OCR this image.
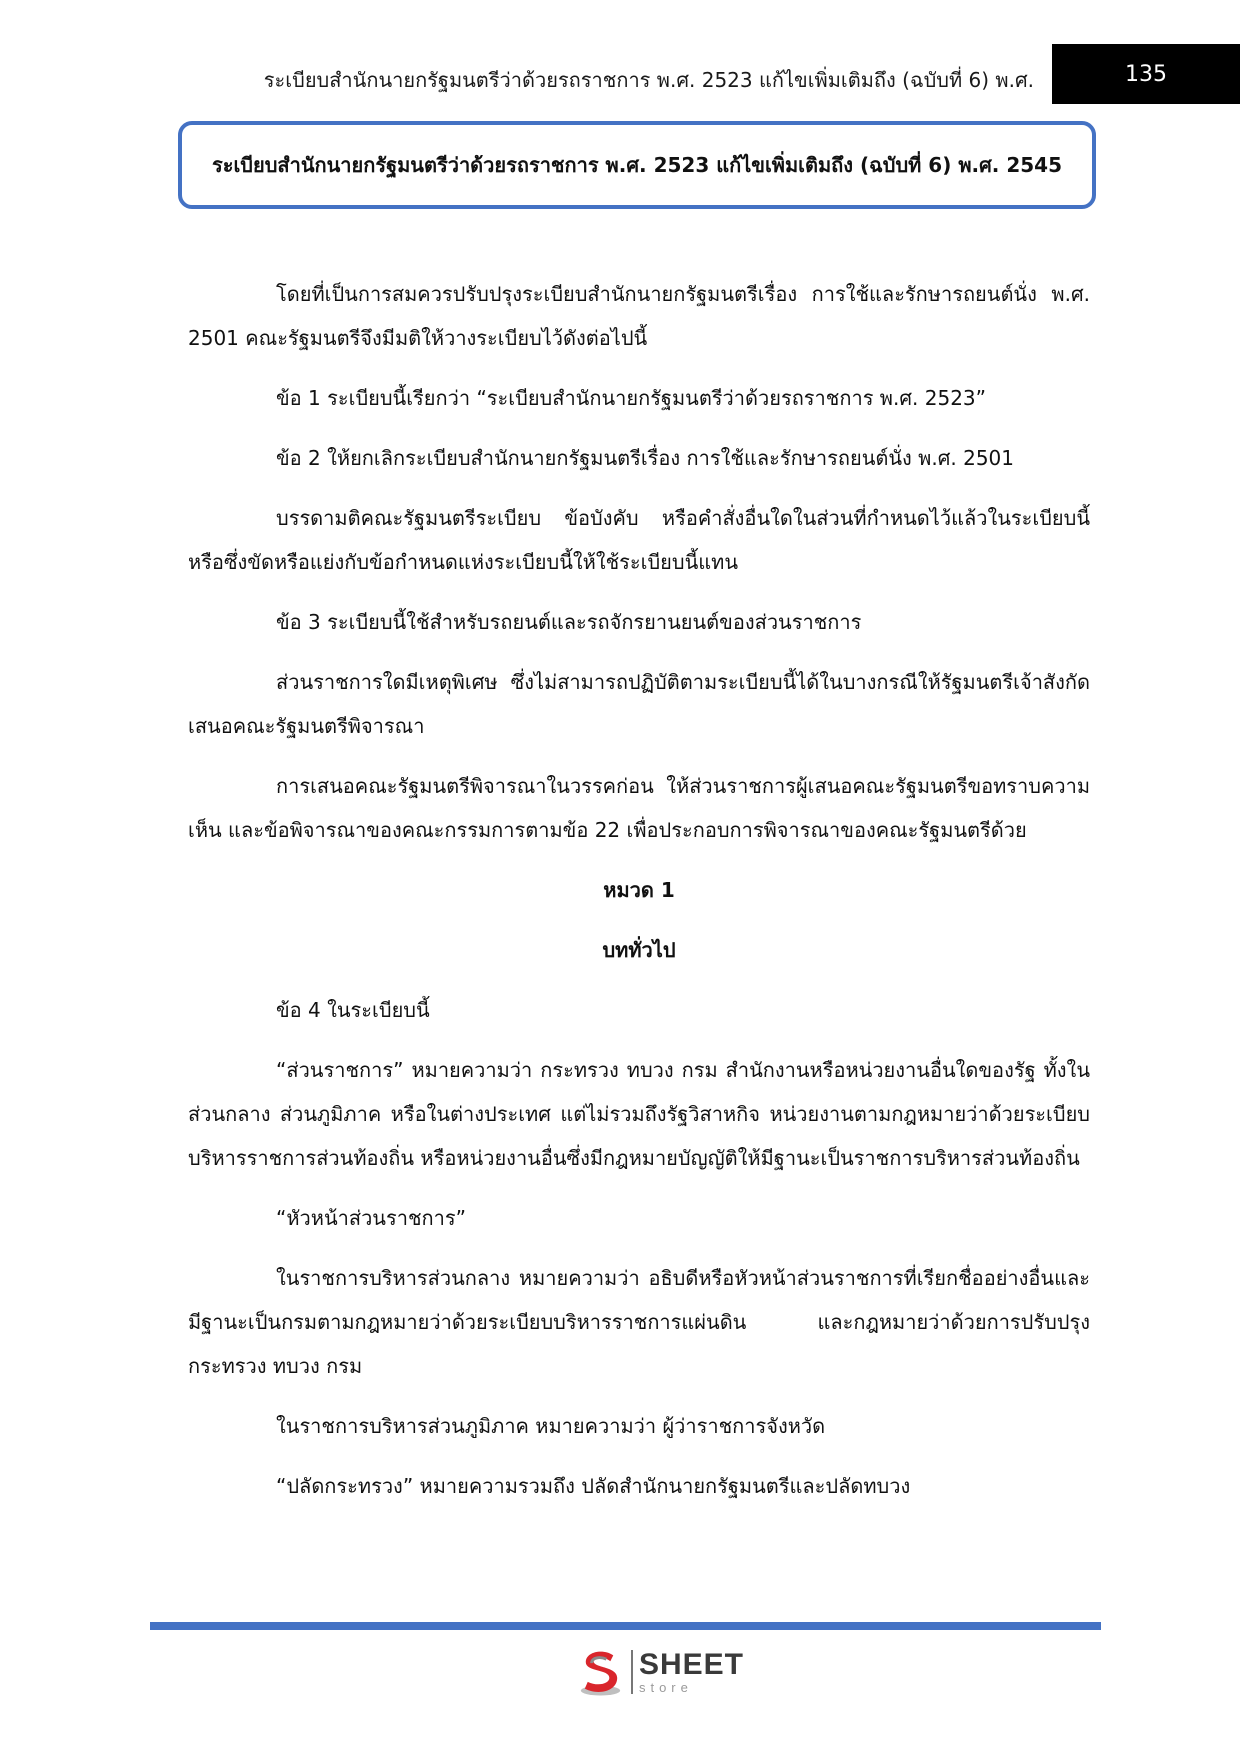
ระเบียบสำนักนายกรัฐมนตรีว่าด้วยรถราชการ พ.ศ. 2523 แก้ไขเพิ่มเติมถึง (ฉบับที่ 6) พ.ศ.	135
ระเบียบสำนักนายกรัฐมนตรีว่าด้วยรถราชการ พ.ศ. 2523 แก้ไขเพิ่มเติมถึง (ฉบับที่ 6) พ.ศ. 2545

โดยที่เป็นการสมควรปรับปรุงระเบียบสำนักนายกรัฐมนตรีเรื่อง การใช้และรักษารถยนต์นั่ง พ.ศ. 2501 คณะรัฐมนตรีจึงมีมติให้วางระเบียบไว้ดังต่อไปนี้

ข้อ 1 ระเบียบนี้เรียกว่า “ระเบียบสำนักนายกรัฐมนตรีว่าด้วยรถราชการ พ.ศ. 2523”

ข้อ 2 ให้ยกเลิกระเบียบสำนักนายกรัฐมนตรีเรื่อง การใช้และรักษารถยนต์นั่ง พ.ศ. 2501

บรรดามติคณะรัฐมนตรีระเบียบ ข้อบังคับ หรือคำสั่งอื่นใดในส่วนที่กำหนดไว้แล้วในระเบียบนี้ หรือซึ่งขัดหรือแย่งกับข้อกำหนดแห่งระเบียบนี้ให้ใช้ระเบียบนี้แทน

ข้อ 3 ระเบียบนี้ใช้สำหรับรถยนต์และรถจักรยานยนต์ของส่วนราชการ

ส่วนราชการใดมีเหตุพิเศษ ซึ่งไม่สามารถปฏิบัติตามระเบียบนี้ได้ในบางกรณีให้รัฐมนตรีเจ้าสังกัดเสนอคณะรัฐมนตรีพิจารณา

การเสนอคณะรัฐมนตรีพิจารณาในวรรคก่อน ให้ส่วนราชการผู้เสนอคณะรัฐมนตรีขอทราบความเห็น และข้อพิจารณาของคณะกรรมการตามข้อ 22 เพื่อประกอบการพิจารณาของคณะรัฐมนตรีด้วย

หมวด 1

บททั่วไป

ข้อ 4 ในระเบียบนี้

“ส่วนราชการ” หมายความว่า กระทรวง ทบวง กรม สำนักงานหรือหน่วยงานอื่นใดของรัฐ ทั้งในส่วนกลาง ส่วนภูมิภาค หรือในต่างประเทศ แต่ไม่รวมถึงรัฐวิสาหกิจ หน่วยงานตามกฎหมายว่าด้วยระเบียบบริหารราชการส่วนท้องถิ่น หรือหน่วยงานอื่นซึ่งมีกฎหมายบัญญัติให้มีฐานะเป็นราชการบริหารส่วนท้องถิ่น

“หัวหน้าส่วนราชการ”

ในราชการบริหารส่วนกลาง หมายความว่า อธิบดีหรือหัวหน้าส่วนราชการที่เรียกชื่ออย่างอื่นและมีฐานะเป็นกรมตามกฎหมายว่าด้วยระเบียบบริหารราชการแผ่นดิน และกฎหมายว่าด้วยการปรับปรุงกระทรวง ทบวง กรม

ในราชการบริหารส่วนภูมิภาค หมายความว่า ผู้ว่าราชการจังหวัด

“ปลัดกระทรวง” หมายความรวมถึง ปลัดสำนักนายกรัฐมนตรีและปลัดทบวง

SHEET
store
